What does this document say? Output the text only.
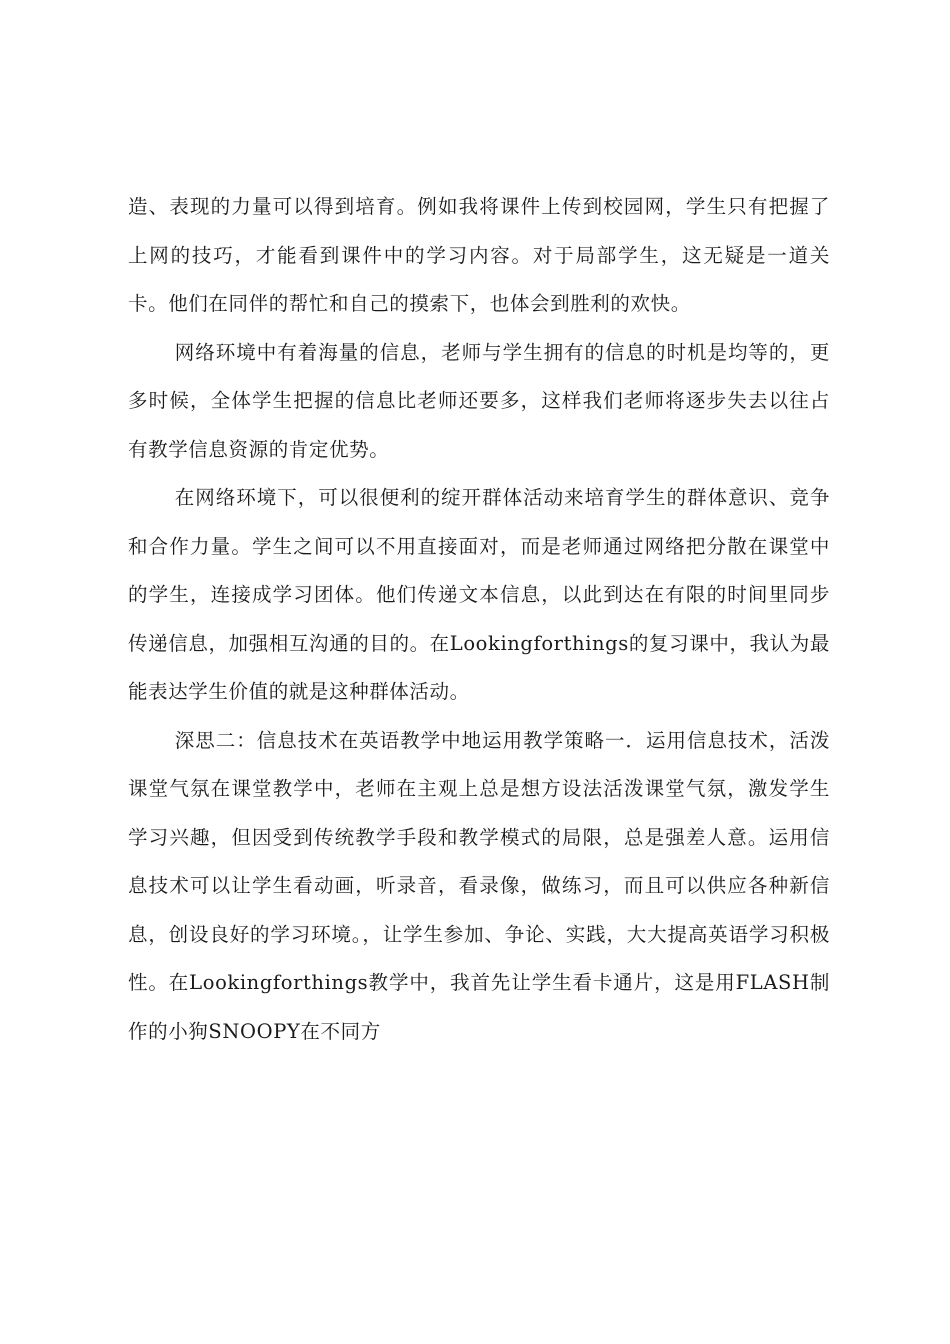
造、表现的力量可以得到培育。例如我将课件上传到校园网，学生只有把握了上网的技巧，才能看到课件中的学习内容。对于局部学生，这无疑是一道关卡。他们在同伴的帮忙和自己的摸索下，也体会到胜利的欢快。

网络环境中有着海量的信息，老师与学生拥有的信息的时机是均等的，更多时候，全体学生把握的信息比老师还要多，这样我们老师将逐步失去以往占有教学信息资源的肯定优势。

在网络环境下，可以很便利的绽开群体活动来培育学生的群体意识、竞争和合作力量。学生之间可以不用直接面对，而是老师通过网络把分散在课堂中的学生，连接成学习团体。他们传递文本信息，以此到达在有限的时间里同步传递信息，加强相互沟通的目的。在Lookingforthings的复习课中，我认为最能表达学生价值的就是这种群体活动。

深思二：信息技术在英语教学中地运用教学策略一．运用信息技术，活泼课堂气氛在课堂教学中，老师在主观上总是想方设法活泼课堂气氛，激发学生学习兴趣，但因受到传统教学手段和教学模式的局限，总是强差人意。运用信息技术可以让学生看动画，听录音，看录像，做练习，而且可以供应各种新信息，创设良好的学习环境。，让学生参加、争论、实践，大大提高英语学习积极性。在Lookingforthings教学中，我首先让学生看卡通片，这是用FLASH制作的小狗SNOOPY在不同方
